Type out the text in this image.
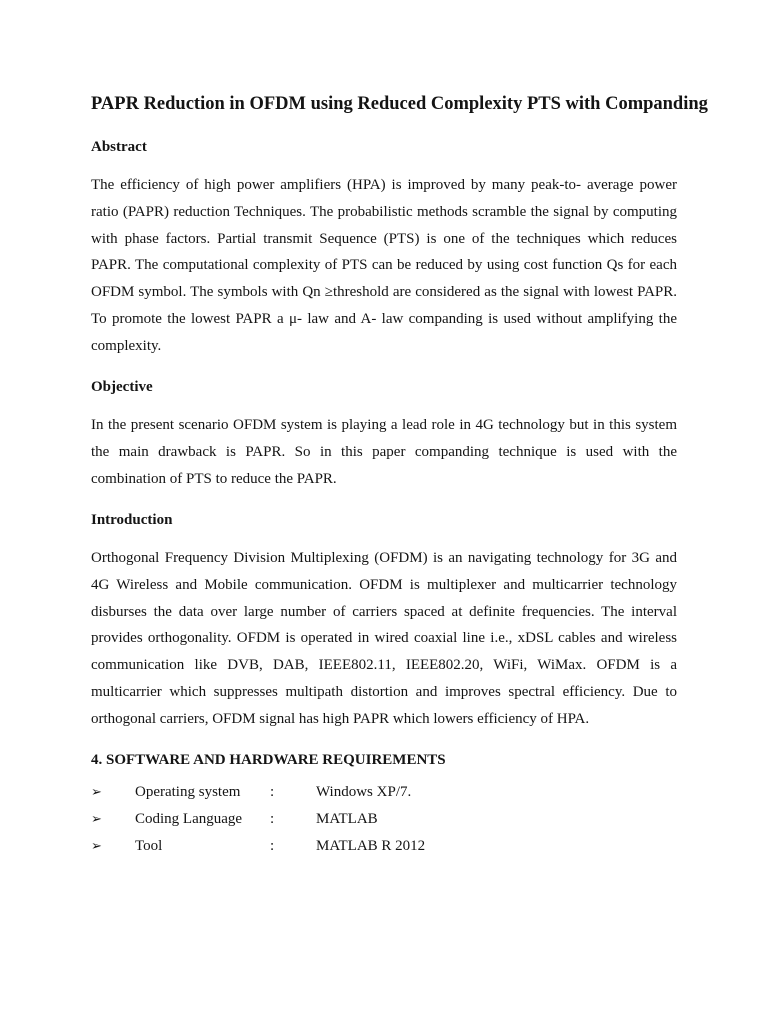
PAPR Reduction in OFDM using Reduced Complexity PTS with Companding
Abstract
The efficiency of high power amplifiers (HPA) is improved by many peak-to- average power
ratio (PAPR) reduction Techniques. The probabilistic methods scramble the signal by computing
with phase factors. Partial transmit Sequence (PTS) is one of the techniques which reduces
PAPR. The computational complexity of PTS can be reduced by using cost function Qs for each
OFDM symbol. The symbols with Qn ≥threshold are considered as the signal with lowest PAPR.
To promote the lowest PAPR a μ- law and A- law companding is used without amplifying the
complexity.
Objective
In the present scenario OFDM system is playing a lead role in 4G technology but in this system
the main drawback is PAPR. So in this paper companding technique is used with the
combination of PTS to reduce the PAPR.
Introduction
Orthogonal Frequency Division Multiplexing (OFDM) is an navigating technology for 3G and
4G Wireless and Mobile communication. OFDM is multiplexer and multicarrier technology
disburses the data over large number of carriers spaced at definite frequencies. The interval
provides orthogonality. OFDM is operated in wired coaxial line i.e., xDSL cables and wireless
communication like DVB, DAB, IEEE802.11, IEEE802.20, WiFi, WiMax. OFDM is a
multicarrier which suppresses multipath distortion and improves spectral efficiency. Due to
orthogonal carriers, OFDM signal has high PAPR which lowers efficiency of HPA.
4. SOFTWARE AND HARDWARE REQUIREMENTS
➢ Operating system :	Windows XP/7.
➢ Coding Language :	MATLAB
➢ Tool	:	MATLAB R 2012
